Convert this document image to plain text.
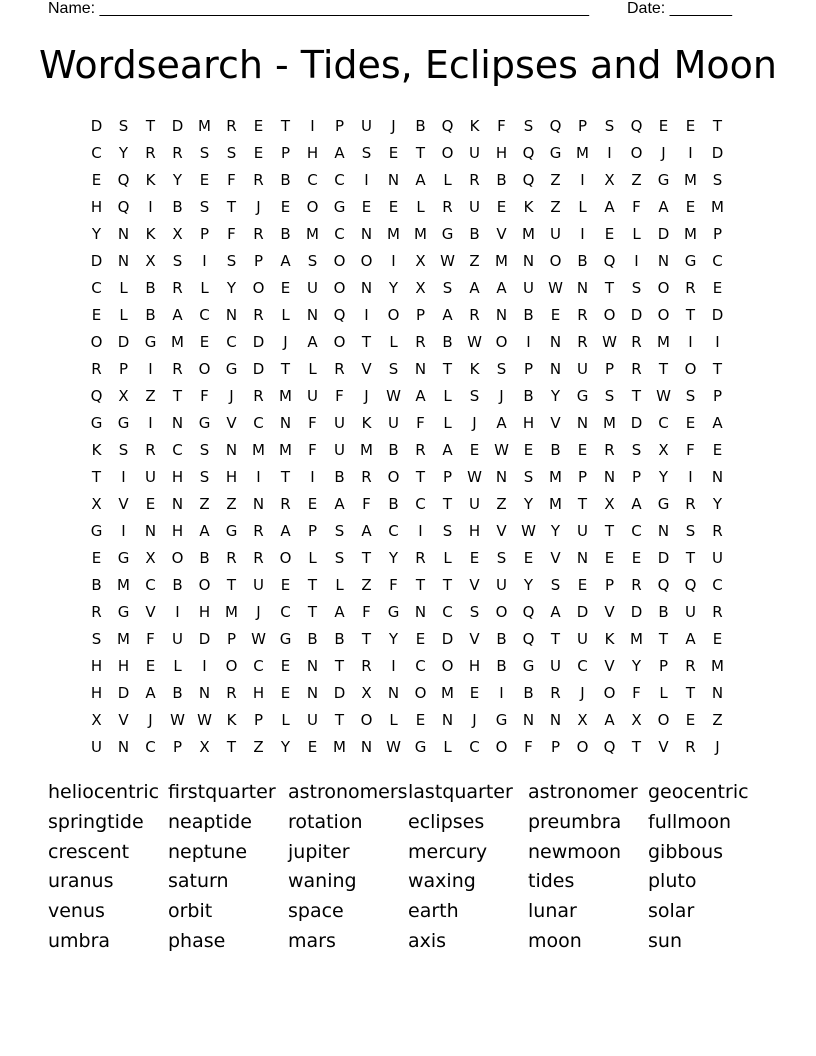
Name: _______________________________________________________ Date: _______
Wordsearch - Tides, Eclipses and Moon
D	S	T	D M	R	E	T	I	P	U	J	B	Q	K	F	S	Q	P	S	Q	E	E	T
C	Y	R	R	S	S	E	P	H	A	S	E	T	O	U	H	Q	G M	I	O	J	I	D
E	Q	K	Y	E	F	R	B	C	C	I	N	A	L	R	B	Q	Z	I	X	Z	G M	S
H	Q	I	B	S	T	J	E	O	G	E	E	L	R	U	E	K	Z	L	A	F	A	E	M
Y	N	K	X	P	F	R	B	M	C	N M M G	B	V	M	U	I	E	L	D M	P
D	N	X	S	I	S	P	A	S	O	O	I	X W Z	M N	O	B	Q	I	N	G	C
C	L	B	R	L	Y	O	E	U	O	N	Y	X	S	A	A	U W N	T	S	O	R	E
E	L	B	A	C	N	R	L	N	Q	I	O	P	A	R	N	B	E	R	O	D	O	T	D
O	D	G M	E	C	D	J	A	O	T	L	R	B W O	I	N	R W R	M	I	I
R	P	I	R	O	G	D	T	L	R	V	S	N	T	K	S	P	N	U	P	R	T	O	T
Q	X	Z	T	F	J	R	M	U	F	J	W A	L	S	J	B	Y	G	S	T	W S	P
G	G	I	N	G	V	C	N	F	U	K	U	F	L	J	A	H	V	N M D	C	E	A
K	S	R	C	S	N M M	F	U	M	B	R	A	E W E	B	E	R	S	X	F	E
T	I	U	H	S	H	I	T	I	B	R	O	T	P	W N	S	M	P	N	P	Y	I	N
X	V	E	N	Z	Z	N	R	E	A	F	B	C	T	U	Z	Y	M	T	X	A	G	R	Y
G	I	N	H	A	G	R	A	P	S	A	C	I	S	H	V W Y	U	T	C	N	S	R
E	G	X	O	B	R	R	O	L	S	T	Y	R	L	E	S	E	V	N	E	E	D	T	U
B	M	C	B	O	T	U	E	T	L	Z	F	T	T	V	U	Y	S	E	P	R	Q	Q	C
R	G	V	I	H M	J	C	T	A	F	G	N	C	S	O	Q	A	D	V	D	B	U	R
S	M	F	U	D	P	W G	B	B	T	Y	E	D	V	B	Q	T	U	K	M	T	A	E
H	H	E	L	I	O	C	E	N	T	R	I	C	O	H	B	G	U	C	V	Y	P	R	M
H	D	A	B	N	R	H	E	N	D	X	N	O M	E	I	B	R	J	O	F	L	T	N
X	V	J	W W K	P	L	U	T	O	L	E	N	J	G	N	N	X	A	X	O	E	Z
U	N	C	P	X	T	Z	Y	E	M N W G	L	C	O	F	P	O	Q	T	V	R	J
heliocentric firstquarter astronomers lastquarter astronomer geocentric
springtide	neaptide	rotation	eclipses	preumbra	fullmoon
crescent	neptune	jupiter	mercury	newmoon	gibbous
uranus	saturn	waning	waxing	tides	pluto
venus	orbit	space	earth	lunar	solar
umbra	phase	mars	axis	moon	sun
